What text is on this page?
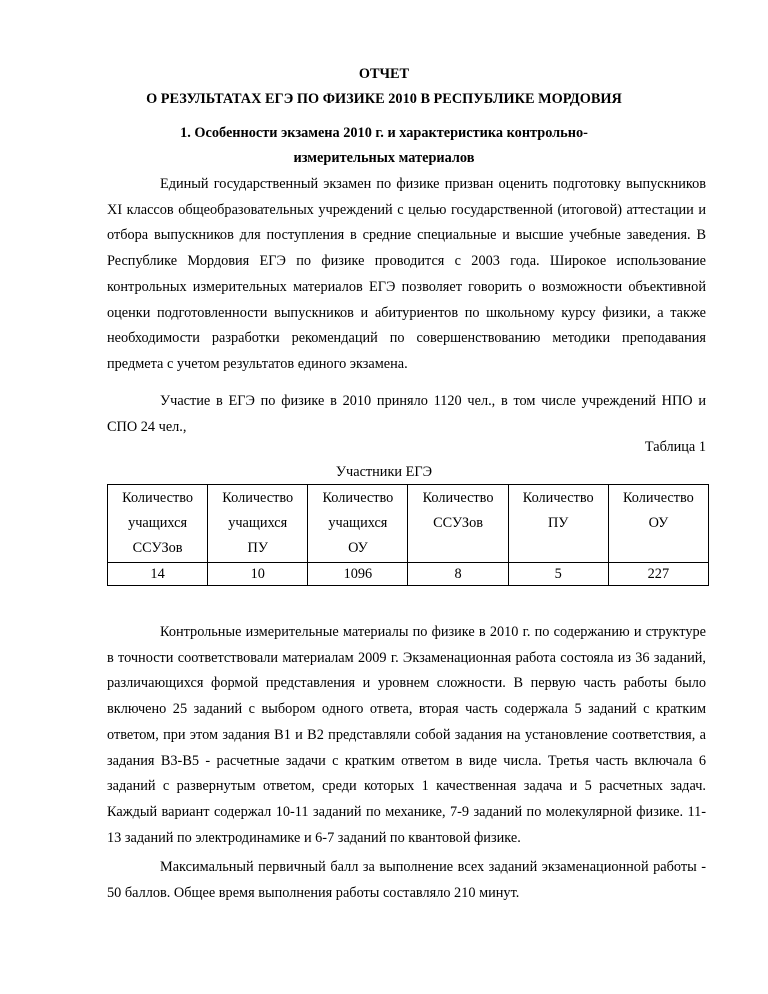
ОТЧЕТ
О РЕЗУЛЬТАТАХ ЕГЭ ПО ФИЗИКЕ 2010 В РЕСПУБЛИКЕ МОРДОВИЯ
1. Особенности экзамена 2010 г. и характеристика контрольно-
измерительных материалов

Единый государственный экзамен по физике призван оценить подготовку выпускников XI классов общеобразовательных учреждений с целью государственной (итоговой) аттестации и отбора выпускников для поступления в средние специальные и высшие учебные заведения. В Республике Мордовия ЕГЭ по физике проводится с 2003 года. Широкое использование контрольных измерительных материалов ЕГЭ позволяет говорить о возможности объективной оценки подготовленности выпускников и абитуриентов по школьному курсу физики, а также необходимости разработки рекомендаций по совершенствованию методики преподавания предмета с учетом результатов единого экзамена.

Участие в ЕГЭ по физике в 2010 приняло 1120 чел., в том числе учреждений НПО и СПО 24 чел.,

Таблица 1
Участники ЕГЭ
Количество
учащихся
ССУЗов	Количество
учащихся
ПУ	Количество
учащихся
ОУ	Количество
ССУЗов	Количество
ПУ	Количество
ОУ

14	10	1096	8	5	227

Контрольные измерительные материалы по физике в 2010 г. по содержанию и структуре в точности соответствовали материалам 2009 г. Экзаменационная работа состояла из 36 заданий, различающихся формой представления и уровнем сложности. В первую часть работы было включено 25 заданий с выбором одного ответа, вторая часть содержала 5 заданий с кратким ответом, при этом задания В1 и В2 представляли собой задания на установление соответствия, а задания В3-В5 - расчетные задачи с кратким ответом в виде числа. Третья часть включала 6 заданий с развернутым ответом, среди которых 1 качественная задача и 5 расчетных задач. Каждый вариант содержал 10-11 заданий по механике, 7-9 заданий по молекулярной физике. 11-13 заданий по электродинамике и 6-7 заданий по квантовой физике.

Максимальный первичный балл за выполнение всех заданий экзаменационной работы - 50 баллов. Общее время выполнения работы составляло 210 минут.
